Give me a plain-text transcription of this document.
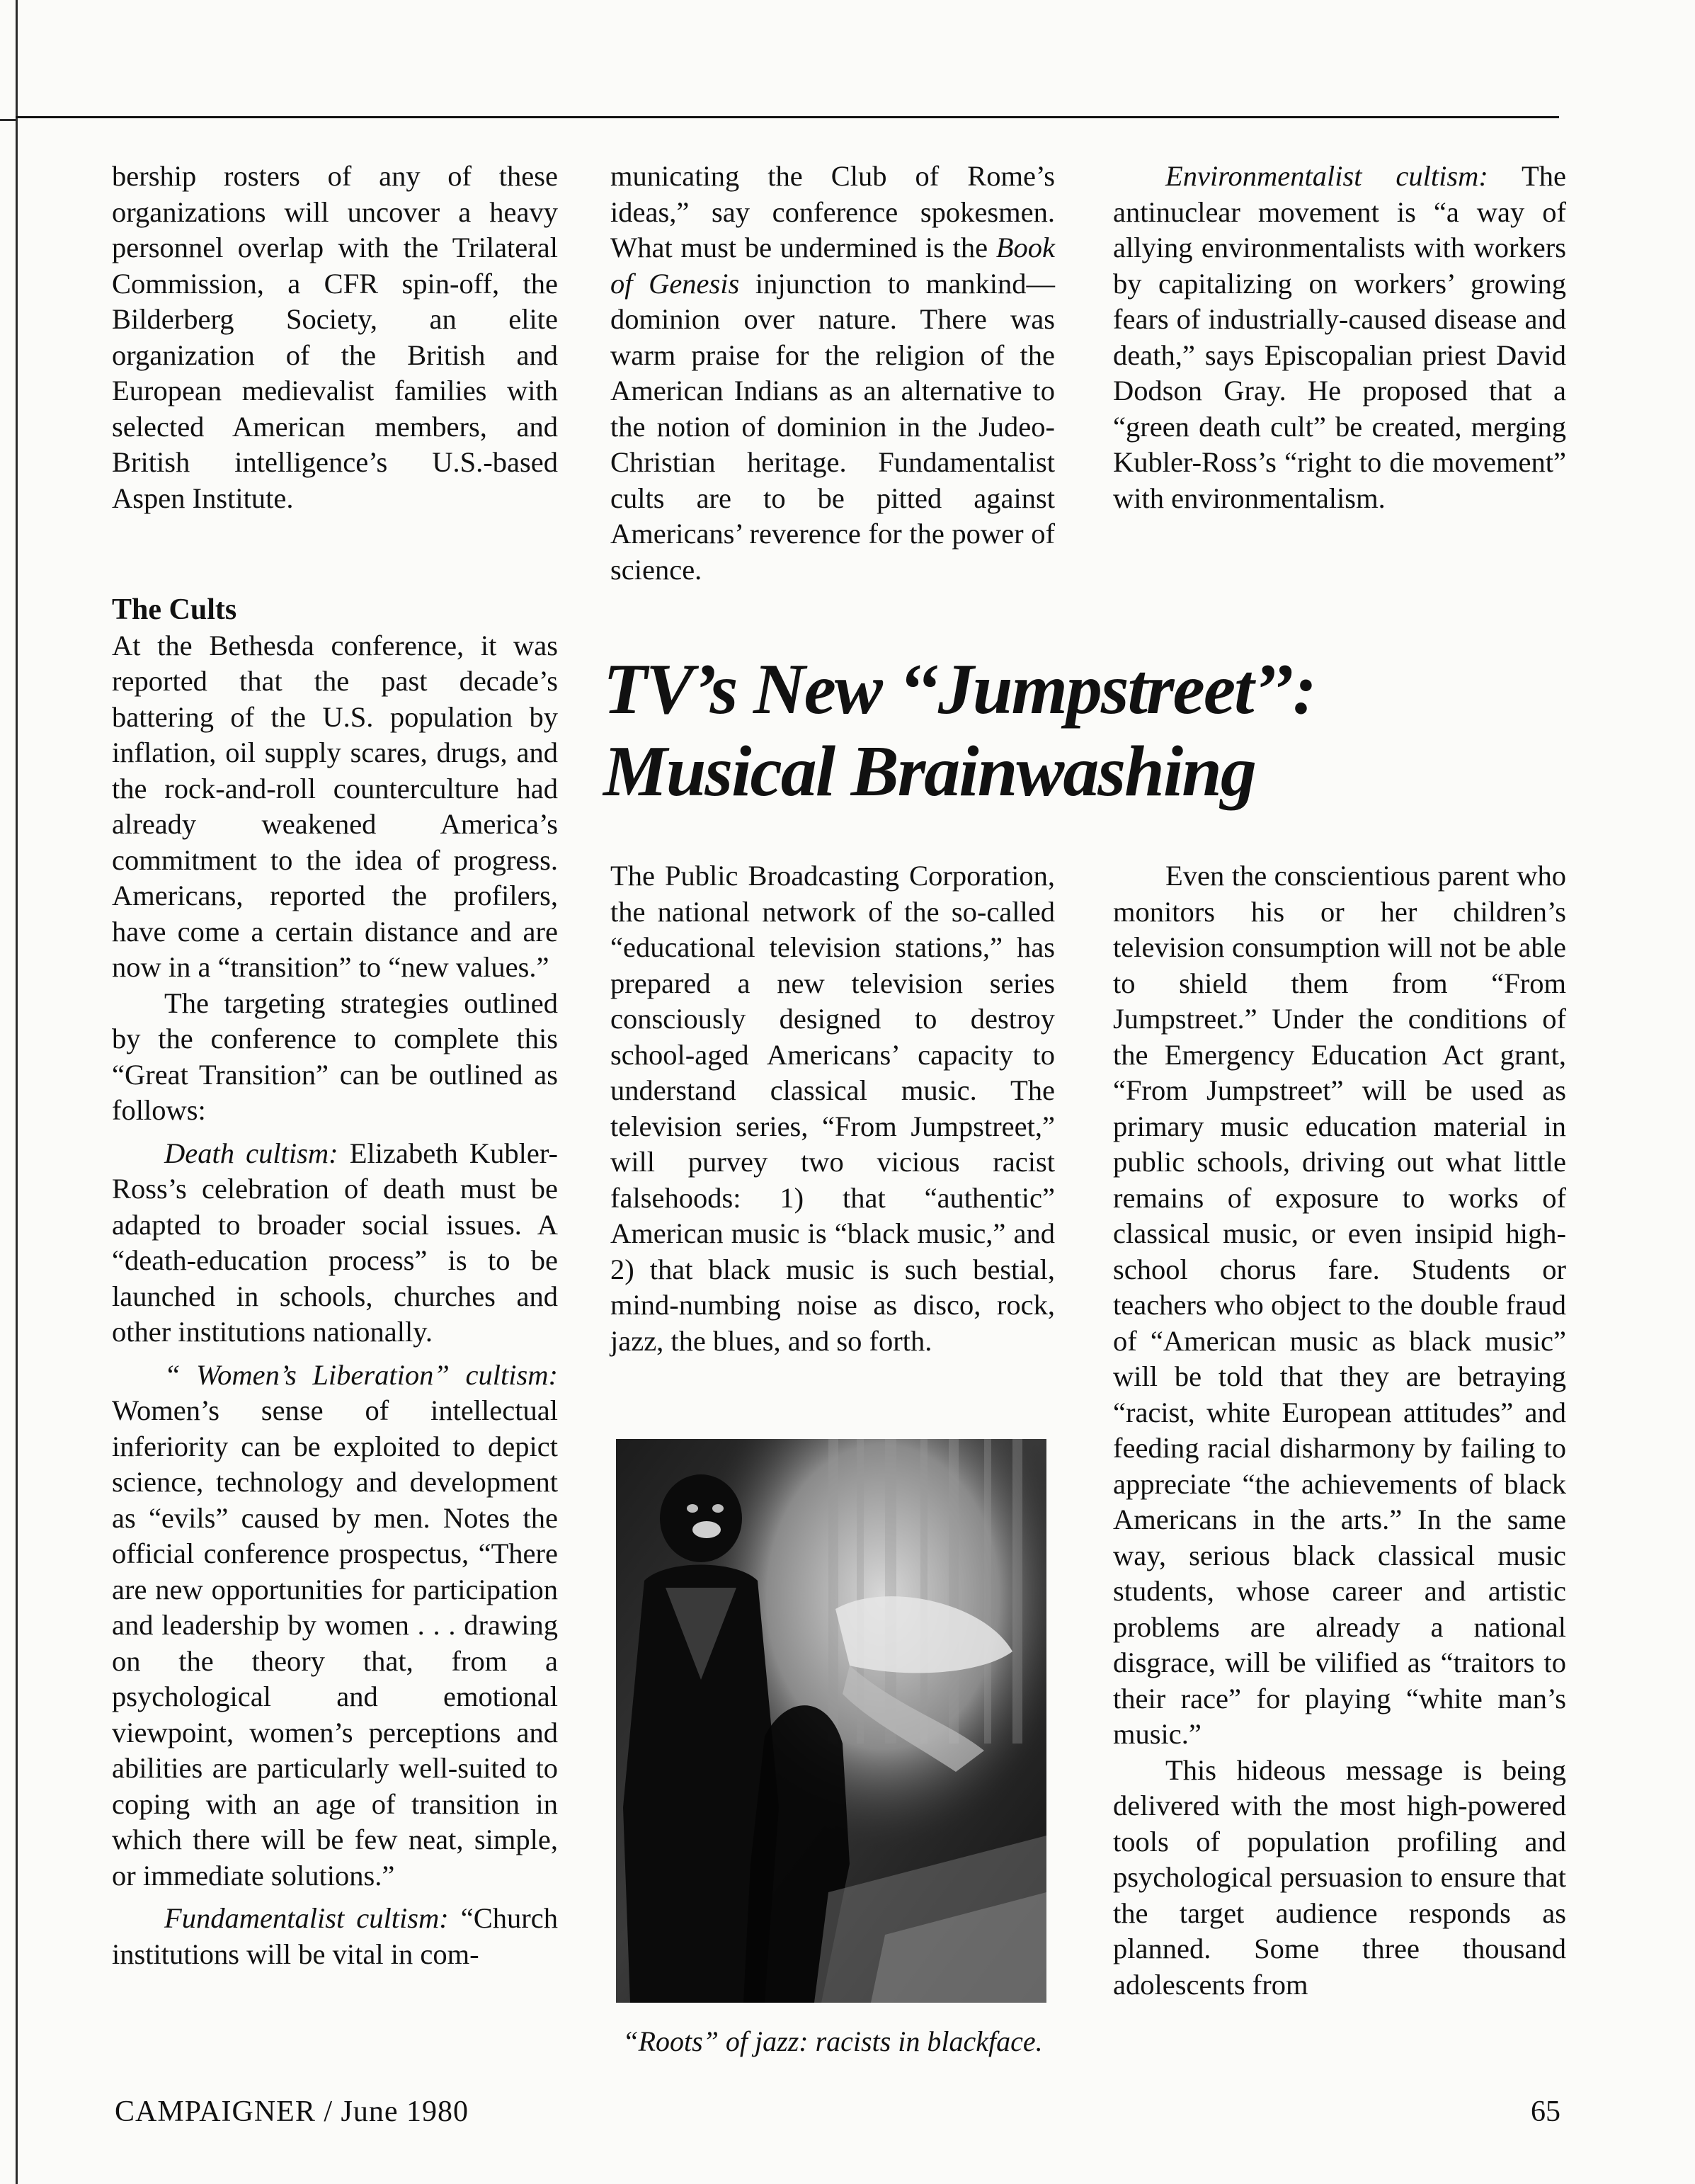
bership rosters of any of these organizations will uncover a heavy personnel overlap with the Trilateral Commission, a CFR spin-off, the Bilderberg Society, an elite organization of the British and European medievalist families with selected American members, and British intelligence’s U.S.-based Aspen Institute.

The Cults

At the Bethesda conference, it was reported that the past decade’s battering of the U.S. population by inflation, oil supply scares, drugs, and the rock-and-roll counterculture had already weakened America’s commitment to the idea of progress. Americans, reported the profilers, have come a certain distance and are now in a “transition” to “new values.”

The targeting strategies outlined by the conference to complete this “Great Transition” can be outlined as follows:

Death cultism: Elizabeth Kubler-Ross’s celebration of death must be adapted to broader social issues. A “death-education process” is to be launched in schools, churches and other institutions nationally.

“ Women’s Liberation” cultism: Women’s sense of intellectual inferiority can be exploited to depict science, technology and development as “evils” caused by men. Notes the official conference prospectus, “There are new opportunities for participation and leadership by women . . . drawing on the theory that, from a psychological and emotional viewpoint, women’s perceptions and abilities are particularly well-suited to coping with an age of transition in which there will be few neat, simple, or immediate solutions.”

Fundamentalist cultism: “Church institutions will be vital in com-

municating the Club of Rome’s ideas,” say conference spokesmen. What must be undermined is the Book of Genesis injunction to mankind—dominion over nature. There was warm praise for the religion of the American Indians as an alternative to the notion of dominion in the Judeo-Christian heritage. Fundamentalist cults are to be pitted against Americans’ reverence for the power of science.

Environmentalist cultism: The antinuclear movement is “a way of allying environmentalists with workers by capitalizing on workers’ growing fears of industrially-caused disease and death,” says Episcopalian priest David Dodson Gray. He proposed that a “green death cult” be created, merging Kubler-Ross’s “right to die movement” with environmentalism.

TV’s New ‘‘Jumpstreet’’:
Musical Brainwashing

The Public Broadcasting Corporation, the national network of the so-called “educational television stations,” has prepared a new television series consciously designed to destroy school-aged Americans’ capacity to understand classical music. The television series, “From Jumpstreet,” will purvey two vicious racist falsehoods: 1) that “authentic” American music is “black music,” and 2) that black music is such bestial, mind-numbing noise as disco, rock, jazz, the blues, and so forth.

“Roots” of jazz: racists in blackface.

Even the conscientious parent who monitors his or her children’s television consumption will not be able to shield them from “From Jumpstreet.” Under the conditions of the Emergency Education Act grant, “From Jumpstreet” will be used as primary music education material in public schools, driving out what little remains of exposure to works of classical music, or even insipid high-school chorus fare. Students or teachers who object to the double fraud of “American music as black music” will be told that they are betraying “racist, white European attitudes” and feeding racial disharmony by failing to appreciate “the achievements of black Americans in the arts.” In the same way, serious black classical music students, whose career and artistic problems are already a national disgrace, will be vilified as “traitors to their race” for playing “white man’s music.”

This hideous message is being delivered with the most high-powered tools of population profiling and psychological persuasion to ensure that the target audience responds as planned. Some three thousand adolescents from

CAMPAIGNER / June 1980	65
